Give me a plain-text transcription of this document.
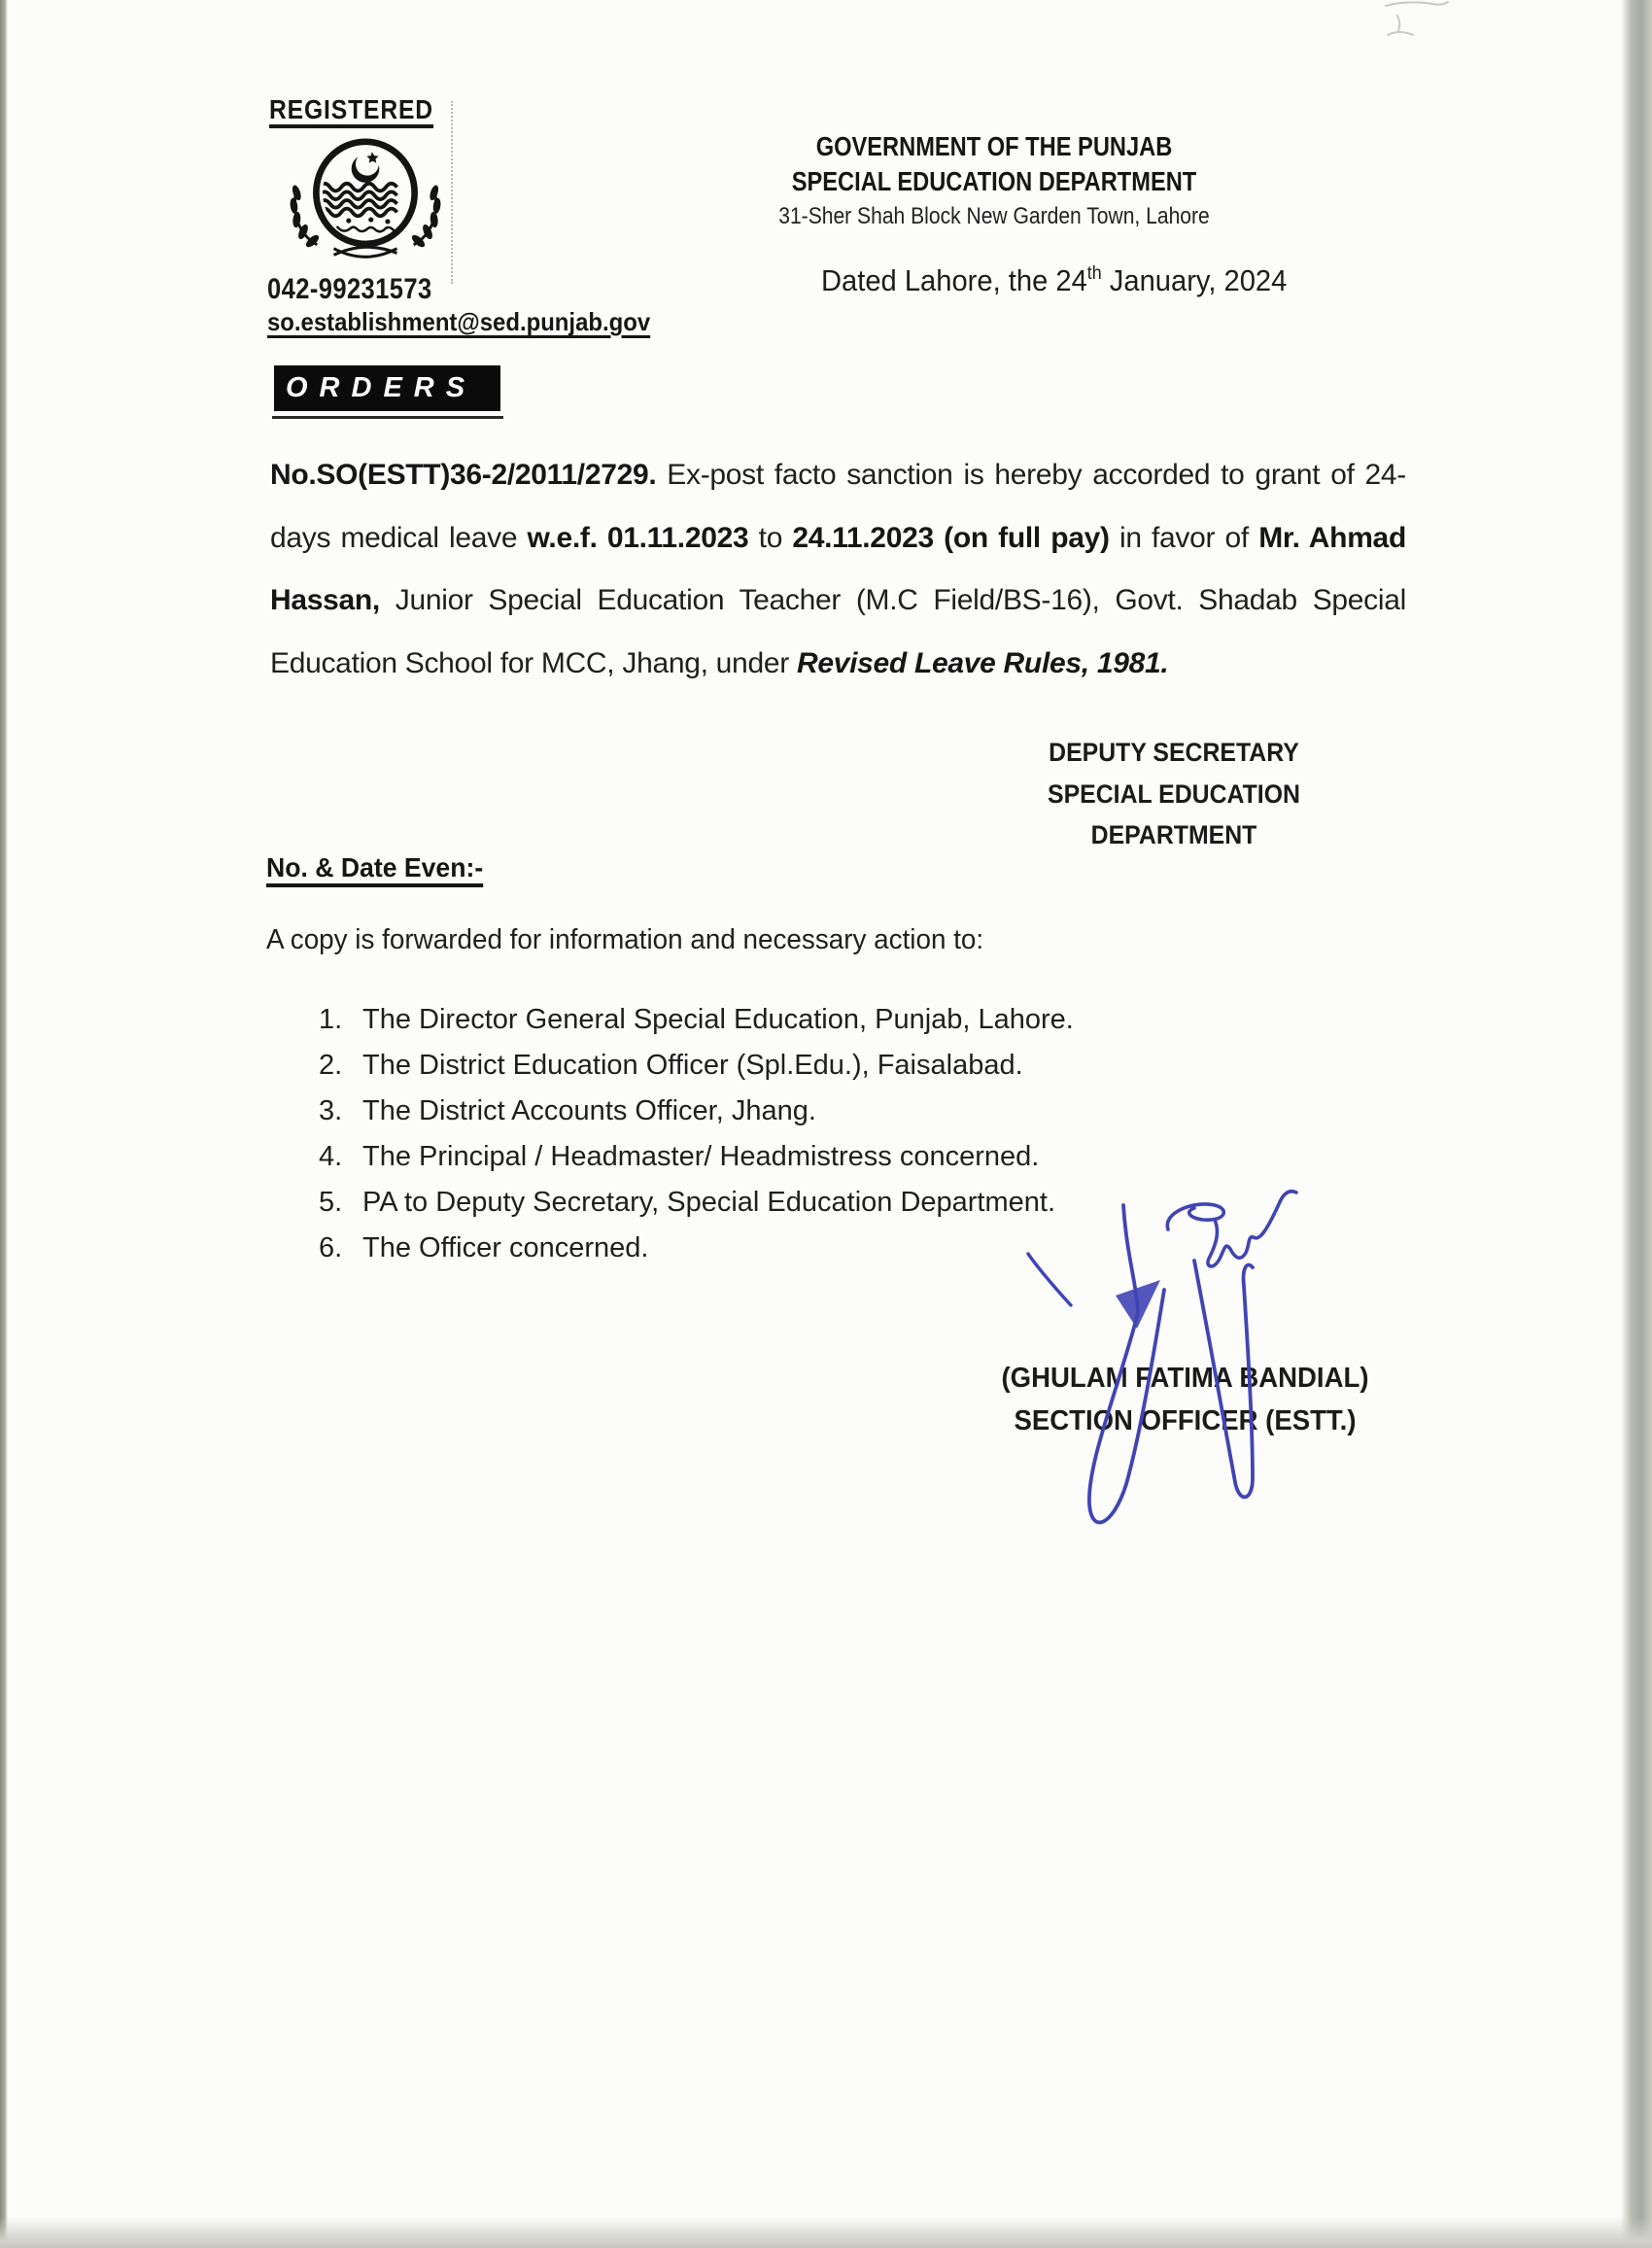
REGISTERED
042-99231573
so.establishment@sed.punjab.gov
GOVERNMENT OF THE PUNJAB
SPECIAL EDUCATION DEPARTMENT
31-Sher Shah Block New Garden Town, Lahore
Dated Lahore, the 24th January, 2024
ORDERS
No.SO(ESTT)36-2/2011/2729. Ex-post facto sanction is hereby accorded to grant of 24-days medical leave w.e.f. 01.11.2023 to 24.11.2023 (on full pay) in favor of Mr. Ahmad Hassan, Junior Special Education Teacher (M.C Field/BS-16), Govt. Shadab Special Education School for MCC, Jhang, under Revised Leave Rules, 1981.
DEPUTY SECRETARY
SPECIAL EDUCATION
DEPARTMENT
No. & Date Even:-
A copy is forwarded for information and necessary action to:
1. The Director General Special Education, Punjab, Lahore.
2. The District Education Officer (Spl.Edu.), Faisalabad.
3. The District Accounts Officer, Jhang.
4. The Principal / Headmaster/ Headmistress concerned.
5. PA to Deputy Secretary, Special Education Department.
6. The Officer concerned.
(GHULAM FATIMA BANDIAL)
SECTION OFFICER (ESTT.)
